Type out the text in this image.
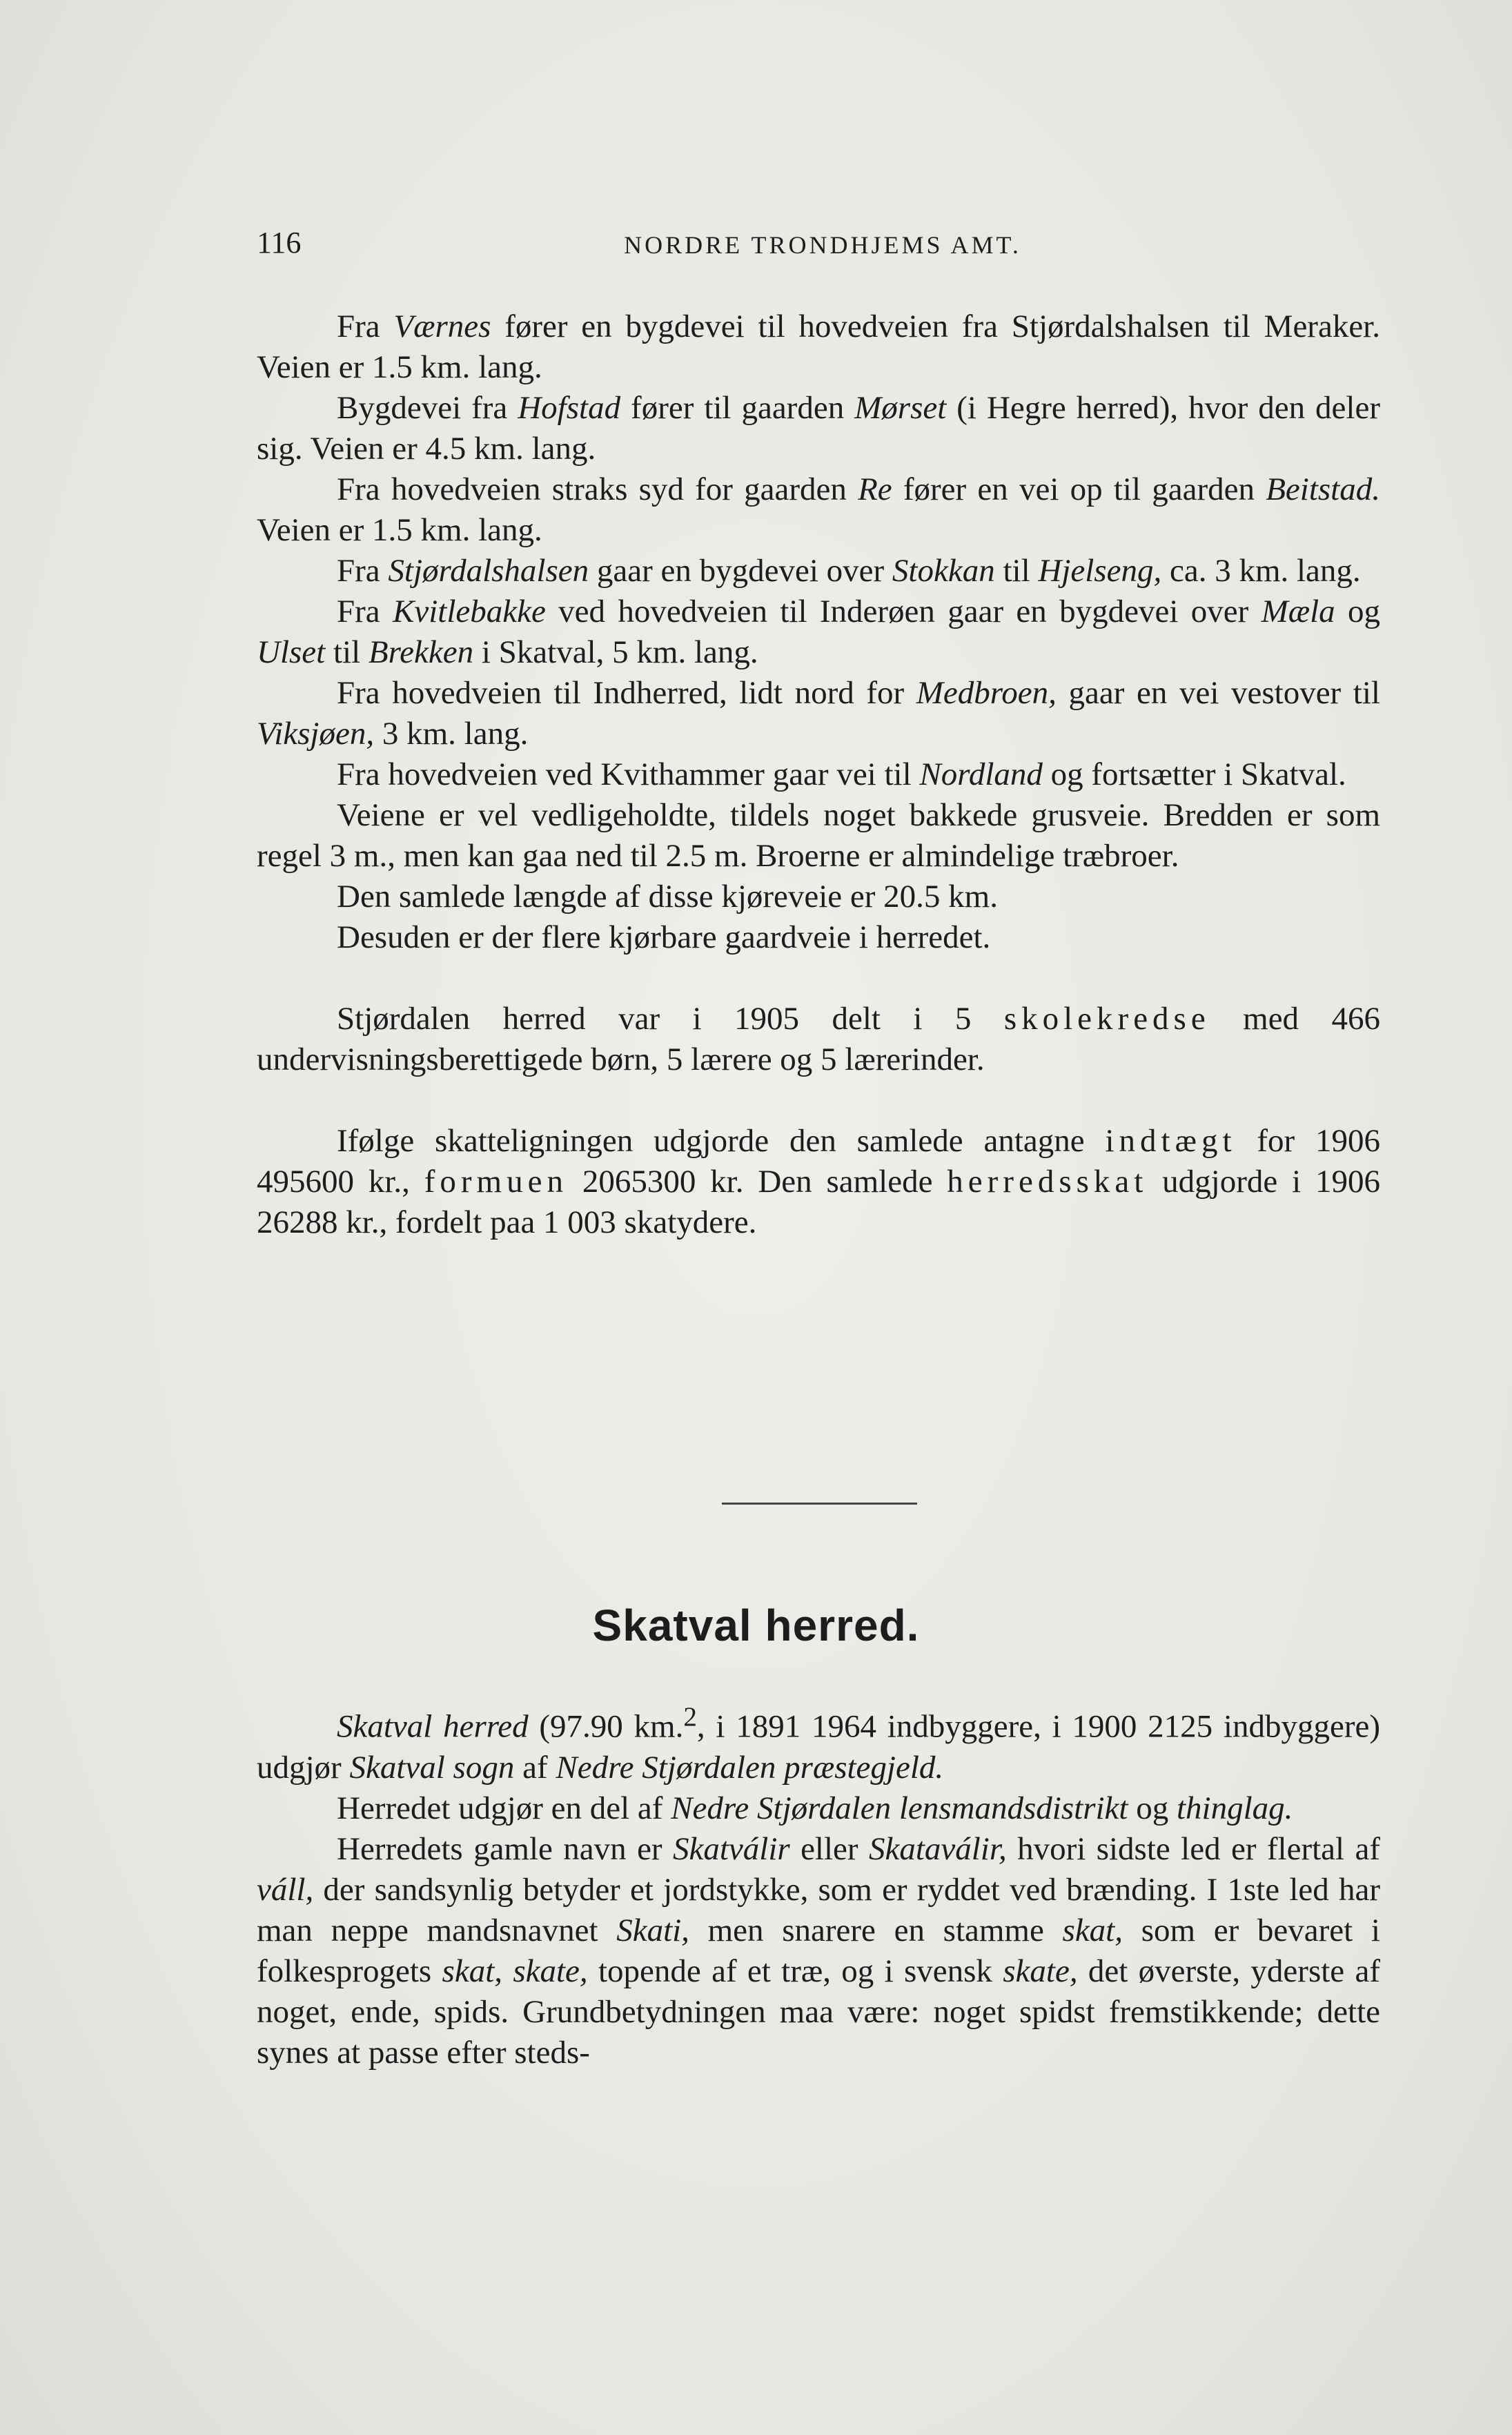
116	NORDRE TRONDHJEMS AMT.

Fra Værnes fører en bygdevei til hovedveien fra Stjørdalshalsen til Meraker. Veien er 1.5 km. lang.

Bygdevei fra Hofstad fører til gaarden Mørset (i Hegre herred), hvor den deler sig. Veien er 4.5 km. lang.

Fra hovedveien straks syd for gaarden Re fører en vei op til gaarden Beitstad. Veien er 1.5 km. lang.

Fra Stjørdalshalsen gaar en bygdevei over Stokkan til Hjelseng, ca. 3 km. lang.

Fra Kvitlebakke ved hovedveien til Inderøen gaar en bygdevei over Mæla og Ulset til Brekken i Skatval, 5 km. lang.

Fra hovedveien til Indherred, lidt nord for Medbroen, gaar en vei vestover til Viksjøen, 3 km. lang.

Fra hovedveien ved Kvithammer gaar vei til Nordland og fortsætter i Skatval.

Veiene er vel vedligeholdte, tildels noget bakkede grusveie. Bredden er som regel 3 m., men kan gaa ned til 2.5 m. Broerne er almindelige træbroer.

Den samlede længde af disse kjøreveie er 20.5 km.

Desuden er der flere kjørbare gaardveie i herredet.

Stjørdalen herred var i 1905 delt i 5 skolekredse med 466 undervisningsberettigede børn, 5 lærere og 5 lærerinder.

Ifølge skatteligningen udgjorde den samlede antagne indtægt for 1906 495600 kr., formuen 2065300 kr. Den samlede herredsskat udgjorde i 1906 26288 kr., fordelt paa 1 003 skatydere.

Skatval herred.

Skatval herred (97.90 km.$^2$, i 1891 1964 indbyggere, i 1900 2125 indbyggere) udgjør Skatval sogn af Nedre Stjørdalen præstegjeld.

Herredet udgjør en del af Nedre Stjørdalen lensmandsdistrikt og thinglag.

Herredets gamle navn er Skatválir eller Skataválir, hvori sidste led er flertal af váll, der sandsynlig betyder et jordstykke, som er ryddet ved brænding. I 1ste led har man neppe mandsnavnet Skati, men snarere en stamme skat, som er bevaret i folkesprogets skat, skate, topende af et træ, og i svensk skate, det øverste, yderste af noget, ende, spids. Grundbetydningen maa være: noget spidst fremstikkende; dette synes at passe efter steds-
